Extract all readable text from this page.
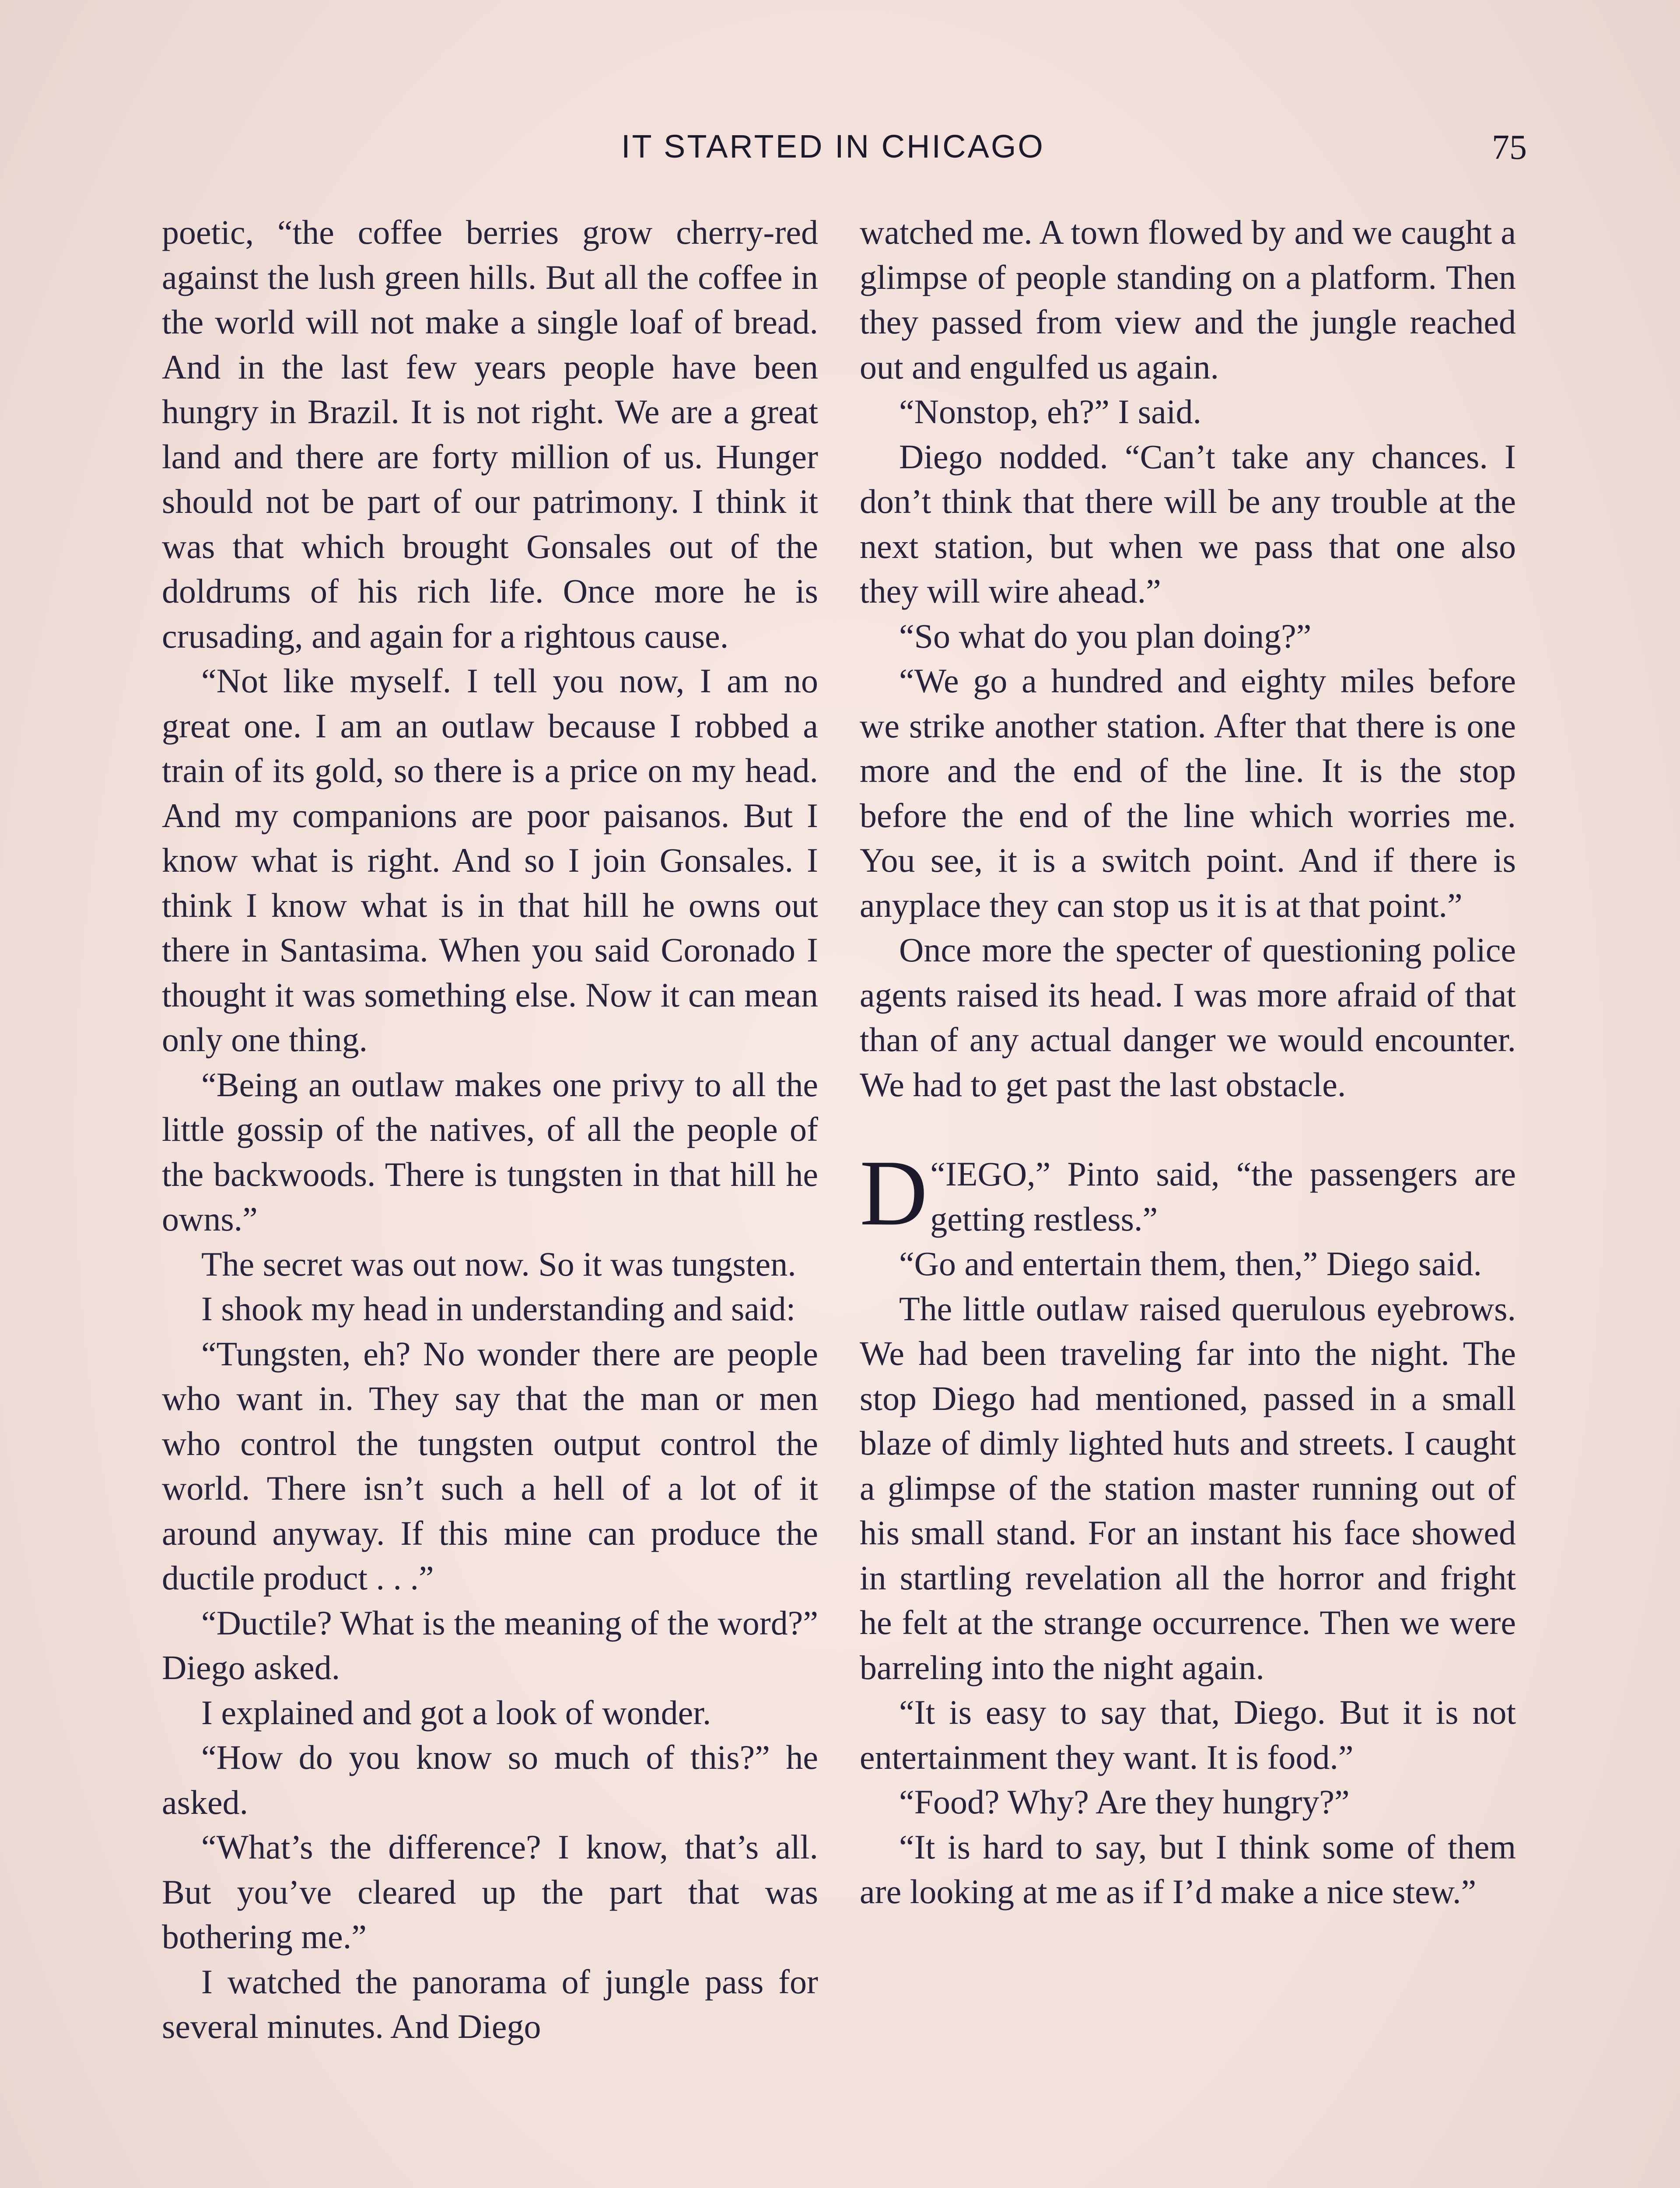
IT STARTED IN CHICAGO	75

poetic, “the coffee berries grow cherry-red against the lush green hills. But all the coffee in the world will not make a single loaf of bread. And in the last few years people have been hungry in Brazil. It is not right. We are a great land and there are forty million of us. Hunger should not be part of our patrimony. I think it was that which brought Gonsales out of the doldrums of his rich life. Once more he is crusading, and again for a rightous cause.

“Not like myself. I tell you now, I am no great one. I am an outlaw because I robbed a train of its gold, so there is a price on my head. And my companions are poor paisanos. But I know what is right. And so I join Gonsales. I think I know what is in that hill he owns out there in Santasima. When you said Coronado I thought it was something else. Now it can mean only one thing.

“Being an outlaw makes one privy to all the little gossip of the natives, of all the people of the backwoods. There is tungsten in that hill he owns.”

The secret was out now. So it was tungsten.

I shook my head in understanding and said:

“Tungsten, eh? No wonder there are people who want in. They say that the man or men who control the tungsten output control the world. There isn’t such a hell of a lot of it around anyway. If this mine can produce the ductile product . . .”

“Ductile? What is the meaning of the word?” Diego asked.

I explained and got a look of wonder.

“How do you know so much of this?” he asked.

“What’s the difference? I know, that’s all. But you’ve cleared up the part that was bothering me.”

I watched the panorama of jungle pass for several minutes. And Diego

watched me. A town flowed by and we caught a glimpse of people standing on a platform. Then they passed from view and the jungle reached out and engulfed us again.

“Nonstop, eh?” I said.

Diego nodded. “Can’t take any chances. I don’t think that there will be any trouble at the next station, but when we pass that one also they will wire ahead.”

“So what do you plan doing?”

“We go a hundred and eighty miles before we strike another station. After that there is one more and the end of the line. It is the stop before the end of the line which worries me. You see, it is a switch point. And if there is anyplace they can stop us it is at that point.”

Once more the specter of questioning police agents raised its head. I was more afraid of that than of any actual danger we would encounter. We had to get past the last obstacle.

“
D IEGO,” Pinto said, “the passengers are getting restless.”

“Go and entertain them, then,” Diego said.

The little outlaw raised querulous eyebrows. We had been traveling far into the night. The stop Diego had mentioned, passed in a small blaze of dimly lighted huts and streets. I caught a glimpse of the station master running out of his small stand. For an instant his face showed in startling revelation all the horror and fright he felt at the strange occurrence. Then we were barreling into the night again.

“It is easy to say that, Diego. But it is not entertainment they want. It is food.”

“Food? Why? Are they hungry?”

“It is hard to say, but I think some of them are looking at me as if I’d make a nice stew.”
